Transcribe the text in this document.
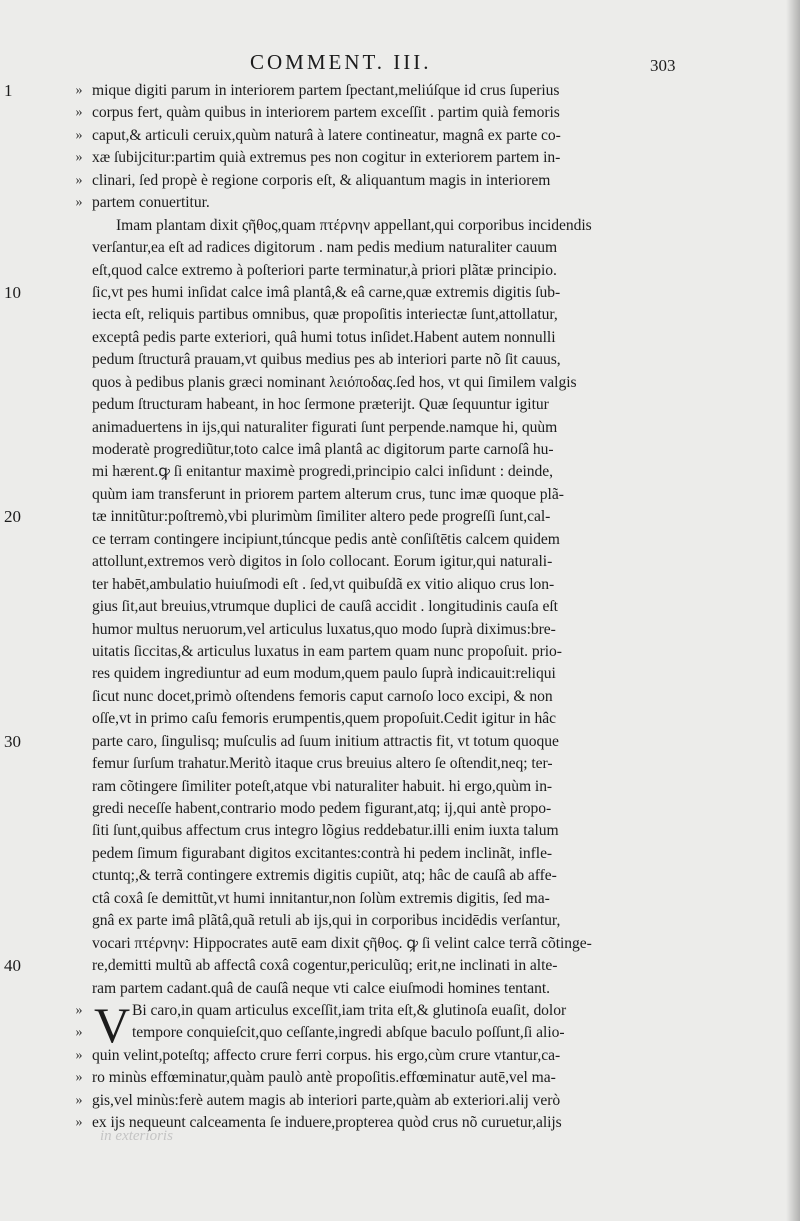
COMMENT. III.	303
1	» mique digiti parum in interiorem partem ſpectant,meliúſque id crus ſuperius
» corpus fert, quàm quibus in interiorem partem exceſſit . partim quià femoris
» caput,& articuli ceruix,quùm naturâ à latere contineatur, magnâ ex parte co-
» xæ ſubijcitur:partim quià extremus pes non cogitur in exteriorem partem in-
» clinari, ſed propè è regione corporis eſt, & aliquantum magis in interiorem
» partem conuertitur.
Imam plantam dixit ςῆθος,quam πτέρνην appellant,qui corporibus incidendis
verſantur,ea eſt ad radices digitorum . nam pedis medium naturaliter cauum
eſt,quod calce extremo à poſteriori parte terminatur,à priori plãtæ principio.
10	ſic,vt pes humi inſidat calce imâ plantâ,& eâ carne,quæ extremis digitis ſub-
iecta eſt, reliquis partibus omnibus, quæ propoſitis interiectæ ſunt,attollatur,
exceptâ pedis parte exteriori, quâ humi totus inſidet.Habent autem nonnulli
pedum ſtructurâ prauam,vt quibus medius pes ab interiori parte nõ ſit cauus,
quos à pedibus planis græci nominant λειόποδας.ſed hos, vt qui ſimilem valgis
pedum ſtructuram habeant, in hoc ſermone præterijt. Quæ ſequuntur igitur
animaduertens in ijs,qui naturaliter figurati ſunt perpende.namque hi, quùm
moderatè progrediũtur,toto calce imâ plantâ ac digitorum parte carnoſâ hu-
mi hærent.ꝙ ſi enitantur maximè progredi,principio calci inſidunt : deinde,
quùm iam transferunt in priorem partem alterum crus, tunc imæ quoque plã-
20	tæ innitũtur:poſtremò,vbi plurimùm ſimiliter altero pede progreſſi ſunt,cal-
ce terram contingere incipiunt,túncque pedis antè conſiſtētis calcem quidem
attollunt,extremos verò digitos in ſolo collocant. Eorum igitur,qui naturali-
ter habēt,ambulatio huiuſmodi eſt . ſed,vt quibuſdã ex vitio aliquo crus lon-
gius ſit,aut breuius,vtrumque duplici de cauſâ accidit . longitudinis cauſa eſt
humor multus neruorum,vel articulus luxatus,quo modo ſuprà diximus:bre-
uitatis ſiccitas,& articulus luxatus in eam partem quam nunc propoſuit. prio-
res quidem ingrediuntur ad eum modum,quem paulo ſuprà indicauit:reliqui
ſicut nunc docet,primò oſtendens femoris caput carnoſo loco excipi, & non
oſſe,vt in primo caſu femoris erumpentis,quem propoſuit.Cedit igitur in hâc
30	parte caro, ſingulisq; muſculis ad ſuum initium attractis fit, vt totum quoque
femur ſurſum trahatur.Meritò itaque crus breuius altero ſe oſtendit,neq; ter-
ram cõtingere ſimiliter poteſt,atque vbi naturaliter habuit. hi ergo,quùm in-
gredi neceſſe habent,contrario modo pedem figurant,atq; ij,qui antè propo-
ſiti ſunt,quibus affectum crus integro lõgius reddebatur.illi enim iuxta talum
pedem ſimum figurabant digitos excitantes:contrà hi pedem inclinãt, infle-
ctuntq;,& terrã contingere extremis digitis cupiũt, atq; hâc de cauſâ ab affe-
ctâ coxâ ſe demittũt,vt humi innitantur,non ſolùm extremis digitis, ſed ma-
gnâ ex parte imâ plãtâ,quã retuli ab ijs,qui in corporibus incidēdis verſantur,
vocari πτέρνην: Hippocrates autē eam dixit ςῆθος. ꝙ ſi velint calce terrã cõtinge-
40	re,demitti multũ ab affectâ coxâ cogentur,periculũq; erit,ne inclinati in alte-
ram partem cadant.quâ de cauſâ neque vti calce eiuſmodi homines tentant.
»	Bi caro,in quam articulus exceſſit,iam trita eſt,& glutinoſa euaſit, dolor
»	tempore conquieſcit,quo ceſſante,ingredi abſque baculo poſſunt,ſi alio-
» quin velint,poteſtq; affecto crure ferri corpus. his ergo,cùm crure vtantur,ca-
» ro minùs effœminatur,quàm paulò antè propoſitis.effœminatur autē,vel ma-
» gis,vel minùs:ferè autem magis ab interiori parte,quàm ab exteriori.alij verò
» ex ijs nequeunt calceamenta ſe induere,propterea quòd crus nõ curuetur,alijs
V
in exterioris
